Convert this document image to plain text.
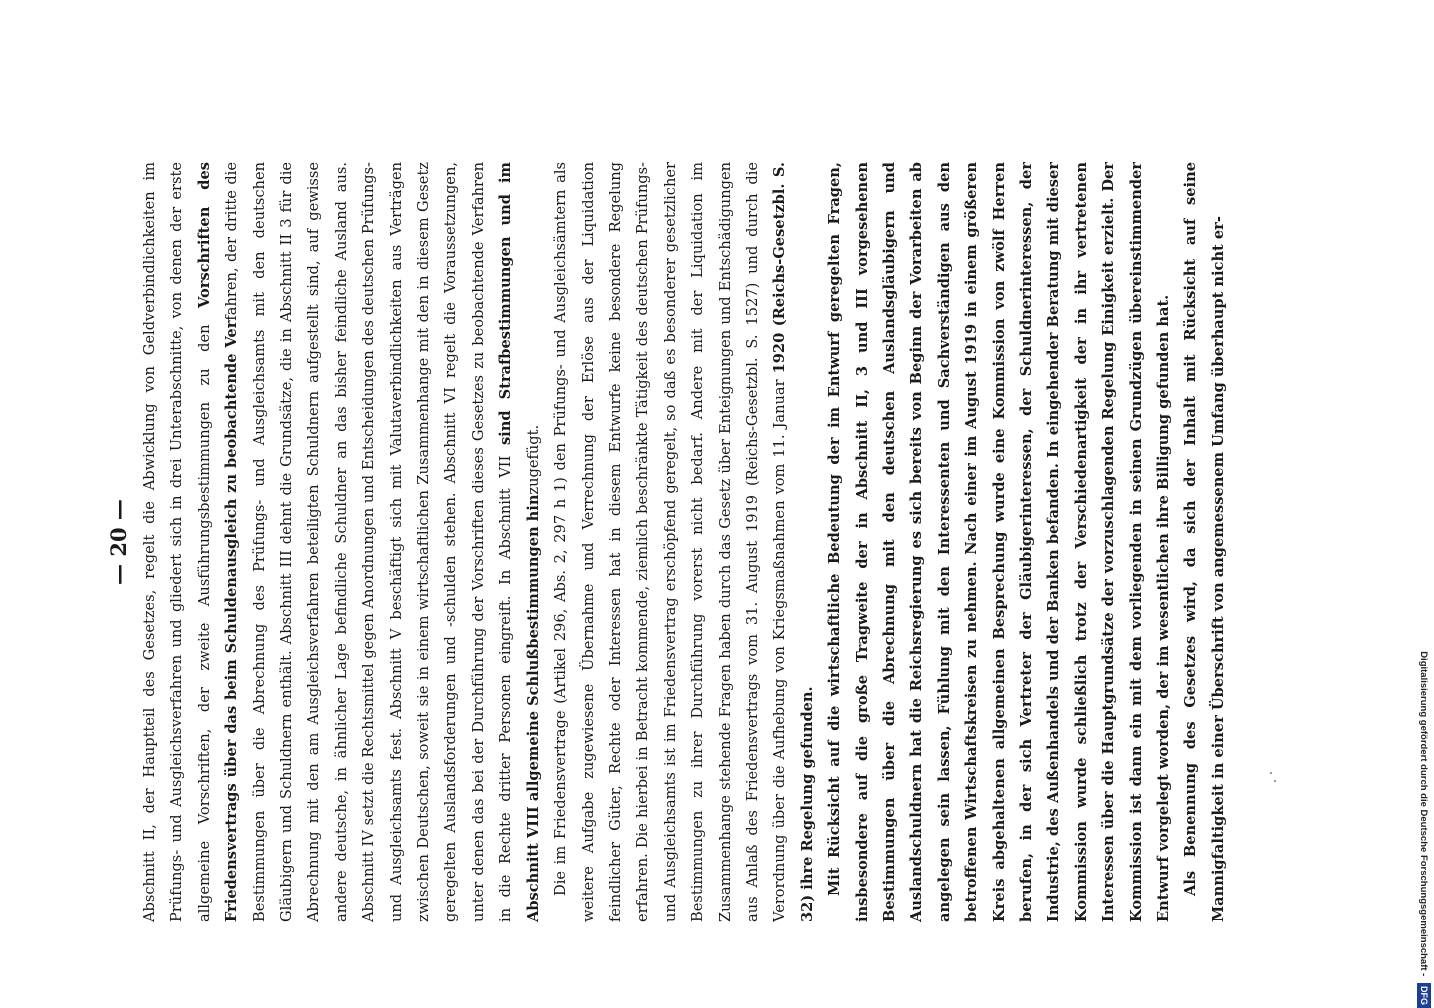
— 20 — Abschnitt II, der Hauptteil des Gesetzes, regelt die Abwicklung von Geldverbindlichkeiten im Prüfungs- und Ausgleichsverfahren und gliedert sich in drei Unterabschnitte, von denen der erste allgemeine Vorschriften, der zweite Ausführungsbestimmungen zu den Vorschriften des Friedensvertrags über das beim Schuldenausgleich zu beobachtende Verfahren, der dritte die Bestimmungen über die Abrechnung des Prüfungs- und Ausgleichsamts mit den deutschen Gläubigern und Schuldnern enthält. Abschnitt III dehnt die Grundsätze, die in Abschnitt II 3 für die Abrechnung mit den am Ausgleichsverfahren beteiligten Schuldnern aufgestellt sind, auf gewisse andere deutsche, in ähnlicher Lage befindliche Schuldner an das bisher feindliche Ausland aus. Abschnitt IV setzt die Rechtsmittel gegen Anordnungen und Entscheidungen des deutschen Prüfungs- und Ausgleichsamts fest. Abschnitt V beschäftigt sich mit Valutaverbindlichkeiten aus Verträgen zwischen Deutschen, soweit sie in einem wirtschaftlichen Zusammenhange mit den in diesem Gesetz geregelten Auslandsforderungen und -schulden stehen. Abschnitt VI regelt die Voraussetzungen, unter denen das bei der Durchführung der Vorschriften dieses Gesetzes zu beobachtende Verfahren in die Rechte dritter Personen eingreift. In Abschnitt VII sind Strafbestimmungen und im Abschnitt VIII allgemeine Schlußbestimmungen hinzugefügt. Die im Friedensvertrage (Artikel 296, Abs. 2, 297 h 1) den Prüfungs- und Ausgleichsämtern als weitere Aufgabe zugewiesene Übernahme und Verrechnung der Erlöse aus der Liquidation feindlicher Güter, Rechte oder Interessen hat in diesem Entwurfe keine besondere Regelung erfahren. Die hierbei in Betracht kommende, ziemlich beschränkte Tätigkeit des deutschen Prüfungs- und Ausgleichsamts ist im Friedensvertrag erschöpfend geregelt, so daß es besonderer gesetzlicher Bestimmungen zu ihrer Durchführung vorerst nicht bedarf. Andere mit der Liquidation im Zusammenhange stehende Fragen haben durch das Gesetz über Enteignungen und Entschädigungen aus Anlaß des Friedensvertrags vom 31. August 1919 (Reichs-Gesetzbl. S. 1527) und durch die Verordnung über die Aufhebung von Kriegsmaßnahmen vom 11. Januar 1920 (Reichs-Gesetzbl. S. 32) ihre Regelung gefunden. Mit Rücksicht auf die wirtschaftliche Bedeutung der im Entwurf geregelten Fragen, insbesondere auf die große Tragweite der in Abschnitt II, 3 und III vorgesehenen Bestimmungen über die Abrechnung mit den deutschen Auslandsgläubigern und Auslandschuldnern hat die Reichsregierung es sich bereits von Beginn der Vorarbeiten ab angelegen sein lassen, Fühlung mit den Interessenten und Sachverständigen aus den betroffenen Wirtschaftskreisen zu nehmen. Nach einer im August 1919 in einem größeren Kreis abgehaltenen allgemeinen Besprechung wurde eine Kommission von zwölf Herren berufen, in der sich Vertreter der Gläubigerinteressen, der Schuldnerinteressen, der Industrie, des Außenhandels und der Banken befanden. In eingehender Beratung mit dieser Kommission wurde schließlich trotz der Verschiedenartigkeit der in ihr vertretenen Interessen über die Hauptgrundsätze der vorzuschlagenden Regelung Einigkeit erzielt. Der Kommission ist dann ein mit dem vorliegenden in seinen Grundzügen übereinstimmender Entwurf vorgelegt worden, der im wesentlichen ihre Billigung gefunden hat. Als Benennung des Gesetzes wird, da sich der Inhalt mit Rücksicht auf seine Mannigfaltigkeit in einer Überschrift von angemessenem Umfang überhaupt nicht er-

DFG Digitalisierung gefördert durch die Deutsche Forschungsgemeinschaft -
